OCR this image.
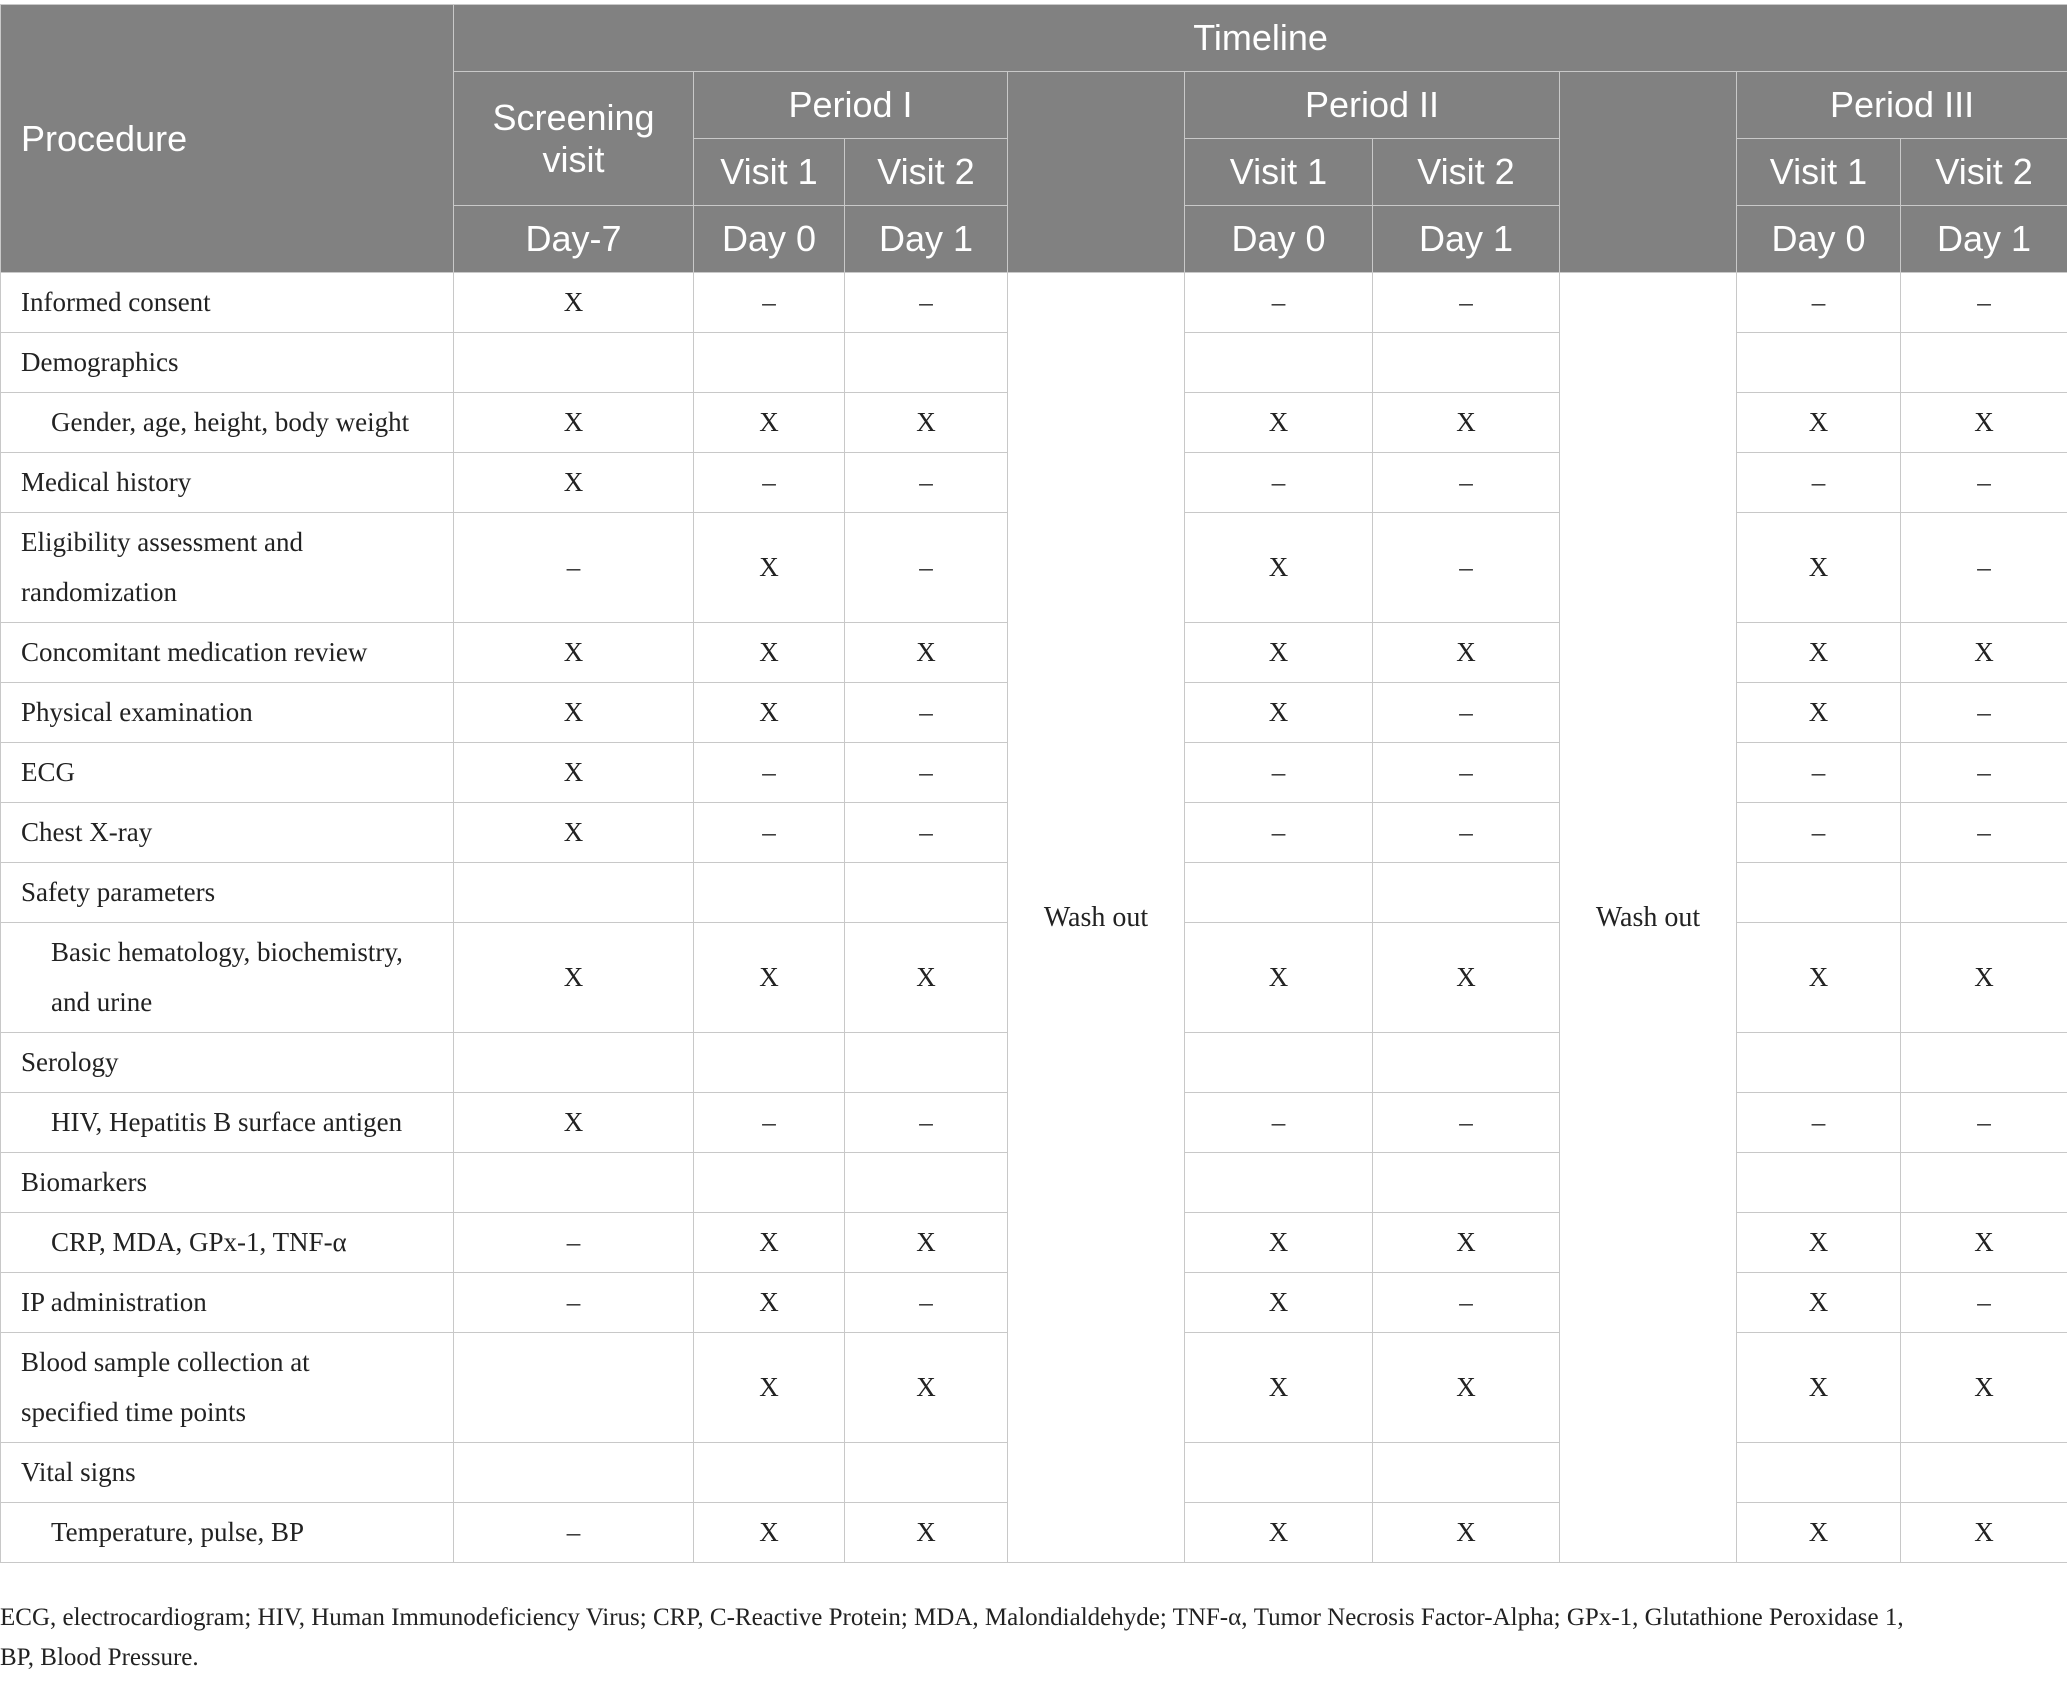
Procedure	Timeline								
	Screening visit	Period I			Period II			Period III	
		Visit 1	Visit 2		Visit 1	Visit 2		Visit 1	Visit 2
	Day-7	Day 0	Day 1		Day 0	Day 1		Day 0	Day 1
Informed consent	X	–	–	Wash out	–	–	Wash out	–	–
Demographics									
Gender, age, height, body weight	X	X	X		X	X		X	X
Medical history	X	–	–		–	–		–	–
Eligibility assessment and
randomization	–	X	–		X	–		X	–
Concomitant medication review	X	X	X		X	X		X	X
Physical examination	X	X	–		X	–		X	–
ECG	X	–	–		–	–		–	–
Chest X-ray	X	–	–		–	–		–	–
Safety parameters									
Basic hematology, biochemistry,
and urine	X	X	X		X	X		X	X
Serology									
HIV, Hepatitis B surface antigen	X	–	–		–	–		–	–
Biomarkers									
CRP, MDA, GPx-1, TNF-α	–	X	X		X	X		X	X
IP administration	–	X	–		X	–		X	–
Blood sample collection at
specified time points		X	X		X	X		X	X
Vital signs									
Temperature, pulse, BP	–	X	X		X	X		X	X

ECG, electrocardiogram; HIV, Human Immunodeficiency Virus; CRP, C-Reactive Protein; MDA, Malondialdehyde; TNF-α, Tumor Necrosis Factor-Alpha; GPx-1, Glutathione Peroxidase 1,
BP, Blood Pressure.
